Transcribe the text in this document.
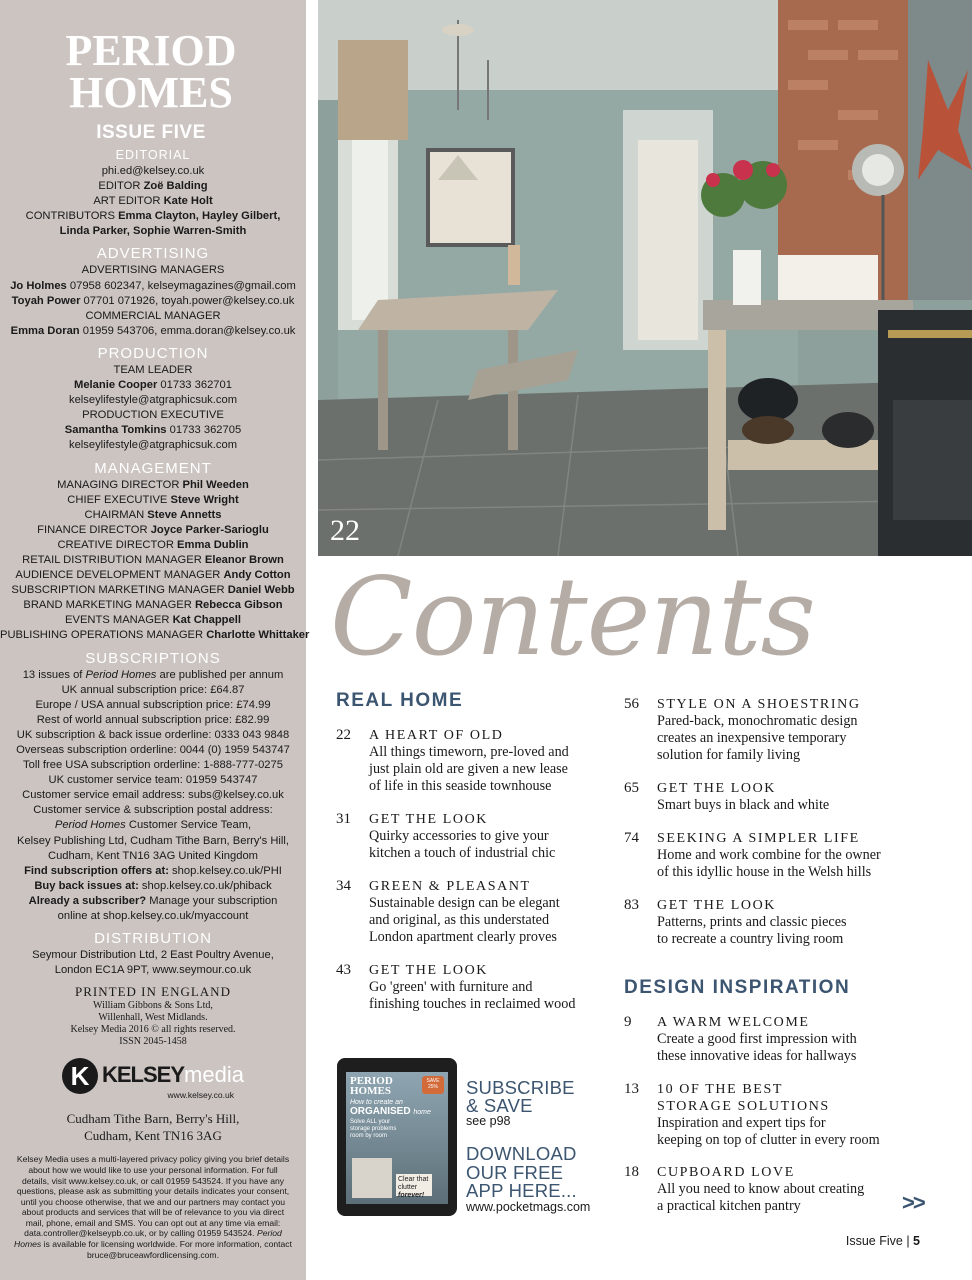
PERIOD
HOMES
ISSUE FIVE
EDITORIAL
phi.ed@kelsey.co.uk
EDITOR Zoë Balding
ART EDITOR Kate Holt
CONTRIBUTORS Emma Clayton, Hayley Gilbert,
Linda Parker, Sophie Warren-Smith
ADVERTISING
ADVERTISING MANAGERS
Jo Holmes 07958 602347, kelseymagazines@gmail.com
Toyah Power 07701 071926, toyah.power@kelsey.co.uk
COMMERCIAL MANAGER
Emma Doran 01959 543706, emma.doran@kelsey.co.uk
PRODUCTION
TEAM LEADER
Melanie Cooper 01733 362701
kelseylifestyle@atgraphicsuk.com
PRODUCTION EXECUTIVE
Samantha Tomkins 01733 362705
kelseylifestyle@atgraphicsuk.com
MANAGEMENT
MANAGING DIRECTOR Phil Weeden
CHIEF EXECUTIVE Steve Wright
CHAIRMAN Steve Annetts
FINANCE DIRECTOR Joyce Parker-Sarioglu
CREATIVE DIRECTOR Emma Dublin
RETAIL DISTRIBUTION MANAGER Eleanor Brown
AUDIENCE DEVELOPMENT MANAGER Andy Cotton
SUBSCRIPTION MARKETING MANAGER Daniel Webb
BRAND MARKETING MANAGER Rebecca Gibson
EVENTS MANAGER Kat Chappell
PUBLISHING OPERATIONS MANAGER Charlotte Whittaker
SUBSCRIPTIONS
13 issues of Period Homes are published per annum
UK annual subscription price: £64.87
Europe / USA annual subscription price: £74.99
Rest of world annual subscription price: £82.99
UK subscription & back issue orderline: 0333 043 9848
Overseas subscription orderline: 0044 (0) 1959 543747
Toll free USA subscription orderline: 1-888-777-0275
UK customer service team: 01959 543747
Customer service email address: subs@kelsey.co.uk
Customer service & subscription postal address:
Period Homes Customer Service Team,
Kelsey Publishing Ltd, Cudham Tithe Barn, Berry's Hill,
Cudham, Kent TN16 3AG United Kingdom
Find subscription offers at: shop.kelsey.co.uk/PHI
Buy back issues at: shop.kelsey.co.uk/phiback
Already a subscriber? Manage your subscription
online at shop.kelsey.co.uk/myaccount
DISTRIBUTION
Seymour Distribution Ltd, 2 East Poultry Avenue,
London EC1A 9PT, www.seymour.co.uk
PRINTED IN ENGLAND
William Gibbons & Sons Ltd,
Willenhall, West Midlands.
Kelsey Media 2016 © all rights reserved.
ISSN 2045-1458
K KELSEYmedia
www.kelsey.co.uk
Cudham Tithe Barn, Berry's Hill,
Cudham, Kent TN16 3AG
Kelsey Media uses a multi-layered privacy policy giving you brief details about how we would like to use your personal information. For full details, visit www.kelsey.co.uk, or call 01959 543524. If you have any questions, please ask as submitting your details indicates your consent, until you choose otherwise, that we and our partners may contact you about products and services that will be of relevance to you via direct mail, phone, email and SMS. You can opt out at any time via email: data.controller@kelseypb.co.uk, or by calling 01959 543524. Period Homes is available for licensing worldwide. For more information, contact bruce@bruceawfordlicensing.com.
22
Contents
REAL HOME
22 A HEART OF OLD
All things timeworn, pre-loved and
just plain old are given a new lease
of life in this seaside townhouse
31 GET THE LOOK
Quirky accessories to give your
kitchen a touch of industrial chic
34 GREEN & PLEASANT
Sustainable design can be elegant
and original, as this understated
London apartment clearly proves
43 GET THE LOOK
Go 'green' with furniture and
finishing touches in reclaimed wood
56 STYLE ON A SHOESTRING
Pared-back, monochromatic design
creates an inexpensive temporary
solution for family living
65 GET THE LOOK
Smart buys in black and white
74 SEEKING A SIMPLER LIFE
Home and work combine for the owner
of this idyllic house in the Welsh hills
83 GET THE LOOK
Patterns, prints and classic pieces
to recreate a country living room
DESIGN INSPIRATION
9 A WARM WELCOME
Create a good first impression with
these innovative ideas for hallways
13 10 OF THE BEST
STORAGE SOLUTIONS
Inspiration and expert tips for
keeping on top of clutter in every room
18 CUPBOARD LOVE
All you need to know about creating
a practical kitchen pantry
PERIOD
HOMES
How to create an
ORGANISED home
Solve ALL your
storage problems
room by room
SAVE 25%
Clear that
clutter
forever!
SUBSCRIBE
& SAVE
see p98
DOWNLOAD
OUR FREE
APP HERE...
www.pocketmags.com	>>
Issue Five | 5
